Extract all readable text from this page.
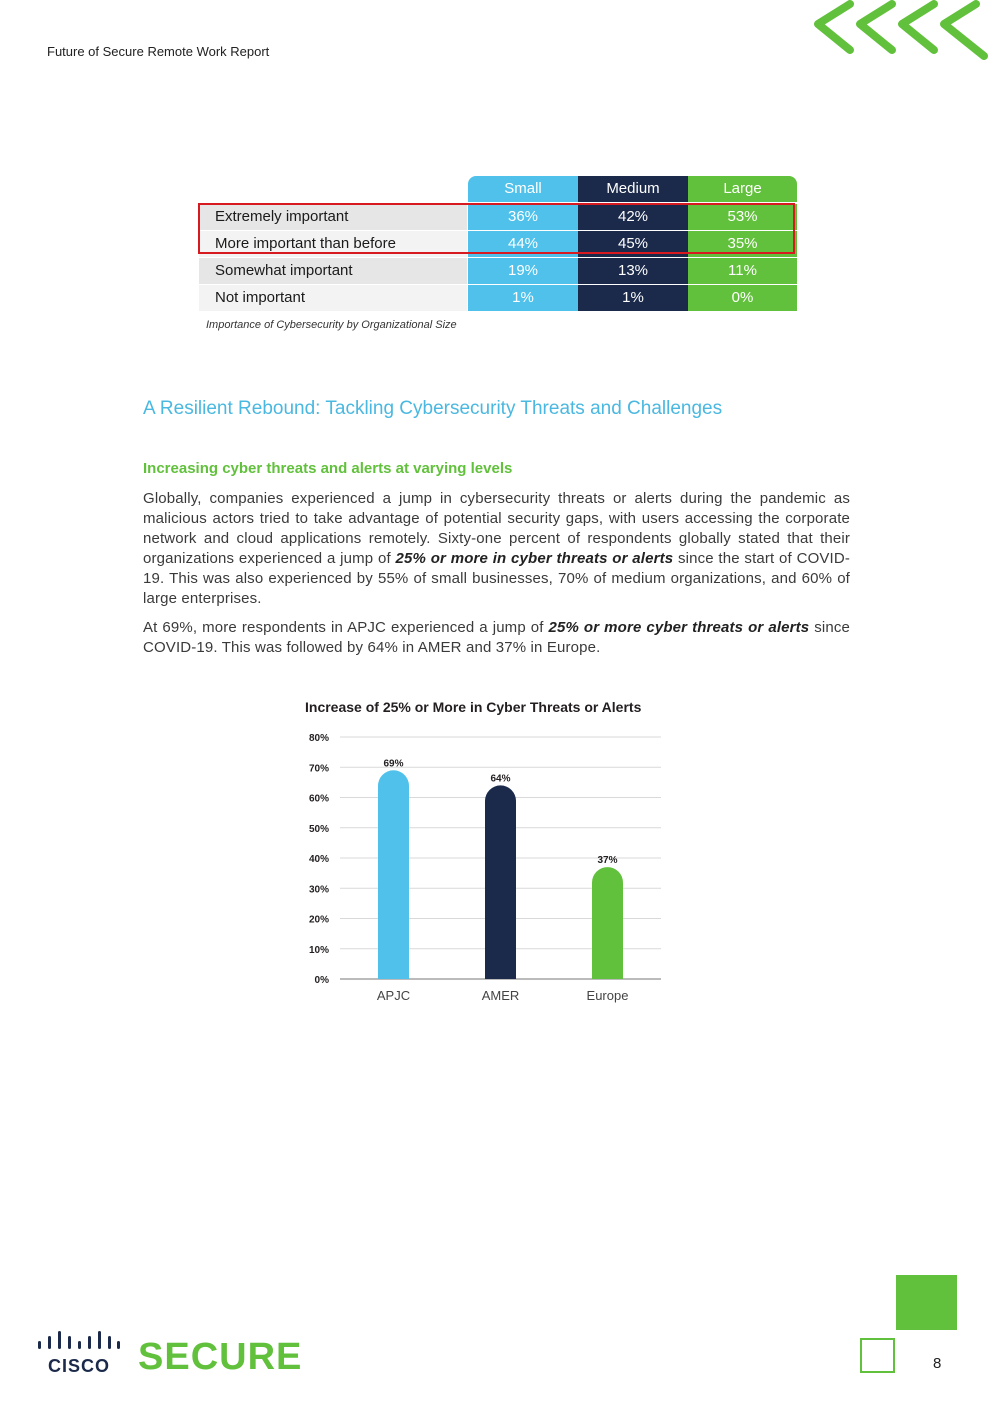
Future of Secure Remote Work Report
Small	Medium	Large
Extremely important	36%	42%	53%
More important than before	44%	45%	35%
Somewhat important	19%	13%	11%
Not important	1%	1%	0%
Importance of Cybersecurity by Organizational Size
A Resilient Rebound: Tackling Cybersecurity Threats and Challenges
Increasing cyber threats and alerts at varying levels
Globally, companies experienced a jump in cybersecurity threats or alerts during the pandemic as malicious actors tried to take advantage of potential security gaps, with users accessing the corporate network and cloud applications remotely. Sixty-one percent of respondents globally stated that their organizations experienced a jump of 25% or more in cyber threats or alerts since the start of COVID-19. This was also experienced by 55% of small businesses, 70% of medium organizations, and 60% of large enterprises.
At 69%, more respondents in APJC experienced a jump of 25% or more cyber threats or alerts since COVID-19. This was followed by 64% in AMER and 37% in Europe.
Increase of 25% or More in Cyber Threats or Alerts
0%
10%
20%
30%
40%
50%
60%
70%
80%
69%
APJC
64%
AMER
37%
Europe
CISCO SECURE	8
